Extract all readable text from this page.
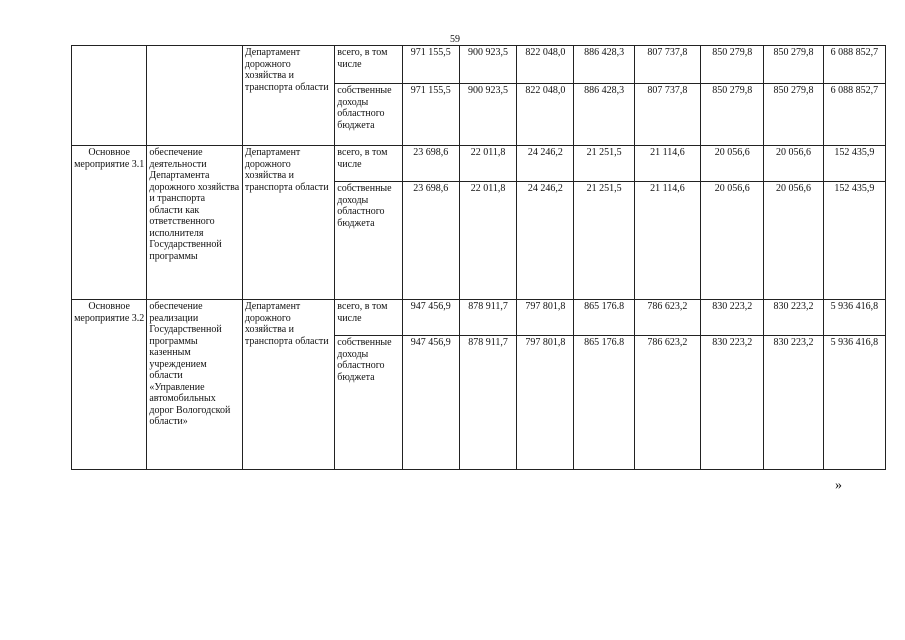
59
		Департамент дорожного хозяйства и транспорта области	всего, в том числе	971 155,5	900 923,5	822 048,0	886 428,3	807 737,8	850 279,8	850 279,8	6 088 852,7
			собственные доходы областного бюджета	971 155,5	900 923,5	822 048,0	886 428,3	807 737,8	850 279,8	850 279,8	6 088 852,7
Основное мероприятие 3.1	обеспечение деятельности Департамента дорожного хозяйства и транспорта области как ответственного исполнителя Государственной программы	Департамент дорожного хозяйства и транспорта области	всего, в том числе	23 698,6	22 011,8	24 246,2	21 251,5	21 114,6	20 056,6	20 056,6	152 435,9
			собственные доходы областного бюджета	23 698,6	22 011,8	24 246,2	21 251,5	21 114,6	20 056,6	20 056,6	152 435,9
Основное мероприятие 3.2	обеспечение реализации Государственной программы казенным учреждением области «Управление автомобильных дорог Вологодской области»	Департамент дорожного хозяйства и транспорта области	всего, в том числе	947 456,9	878 911,7	797 801,8	865 176.8	786 623,2	830 223,2	830 223,2	5 936 416,8
			собственные доходы областного бюджета	947 456,9	878 911,7	797 801,8	865 176.8	786 623,2	830 223,2	830 223,2	5 936 416,8
»
